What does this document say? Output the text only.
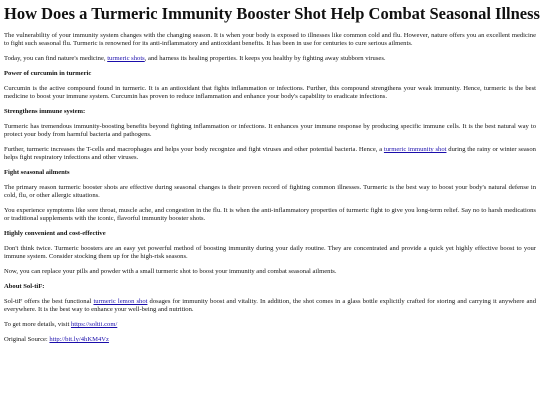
How Does a Turmeric Immunity Booster Shot Help Combat Seasonal Illness

The vulnerability of your immunity system changes with the changing season. It is when your body is exposed to illnesses like common cold and flu. However, nature offers you an excellent medicine to fight such seasonal flu. Turmeric is renowned for its anti-inflammatory and antioxidant benefits. It has been in use for centuries to cure serious ailments.

Today, you can find nature's medicine, turmeric shots, and harness its healing properties. It keeps you healthy by fighting away stubborn viruses.

Power of curcumin in turmeric

Curcumin is the active compound found in turmeric. It is an antioxidant that fights inflammation or infections. Further, this compound strengthens your weak immunity. Hence, turmeric is the best medicine to boost your immune system. Curcumin has proven to reduce inflammation and enhance your body's capability to eradicate infections.

Strengthens immune system:

Turmeric has tremendous immunity-boosting benefits beyond fighting inflammation or infections. It enhances your immune response by producing specific immune cells. It is the best natural way to protect your body from harmful bacteria and pathogens.

Further, turmeric increases the T-cells and macrophages and helps your body recognize and fight viruses and other potential bacteria. Hence, a turmeric immunity shot during the rainy or winter season helps fight respiratory infections and other viruses.

Fight seasonal ailments

The primary reason turmeric booster shots are effective during seasonal changes is their proven record of fighting common illnesses. Turmeric is the best way to boost your body's natural defense in cold, flu, or other allergic situations.

You experience symptoms like sore throat, muscle ache, and congestion in the flu. It is when the anti-inflammatory properties of turmeric fight to give you long-term relief. Say no to harsh medications or traditional supplements with the iconic, flavorful immunity booster shots.

Highly convenient and cost-effective

Don't think twice. Turmeric boosters are an easy yet powerful method of boosting immunity during your daily routine. They are concentrated and provide a quick yet highly effective boost to your immune system. Consider stocking them up for the high-risk seasons.

Now, you can replace your pills and powder with a small turmeric shot to boost your immunity and combat seasonal ailments.

About Sol-tiF:

Sol-tiF offers the best functional turmeric lemon shot dosages for immunity boost and vitality. In addition, the shot comes in a glass bottle explicitly crafted for storing and carrying it anywhere and everywhere. It is the best way to enhance your well-being and nutrition.

To get more details, visit https://soltii.com/

Original Source: http://bit.ly/4hKM4Vz
